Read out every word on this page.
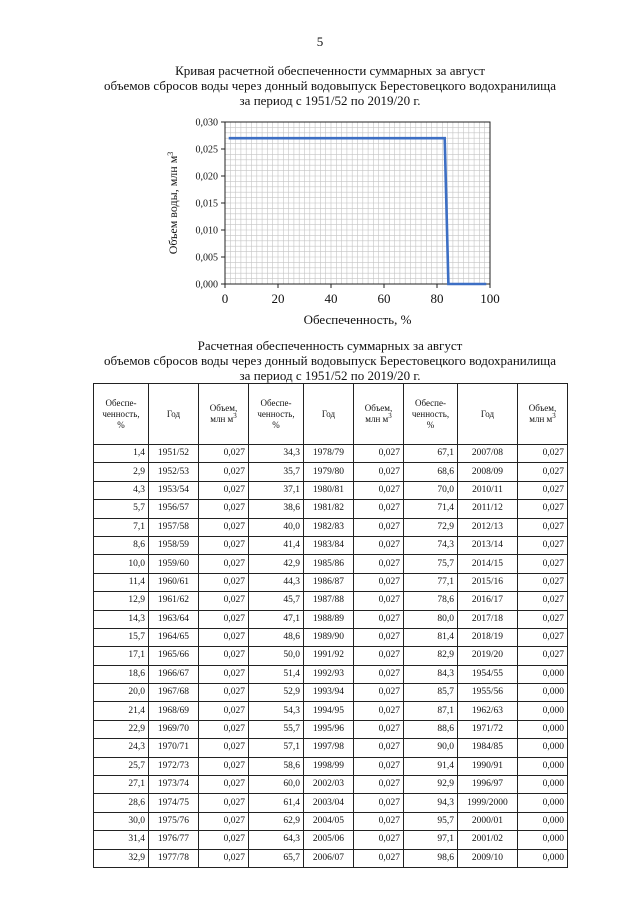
5
Кривая расчетной обеспеченности суммарных за август
объемов сбросов воды через донный водовыпуск Берестовецкого водохранилища
за период с 1951/52 по 2019/20 г.
0	20	40	60	80	100
0,000
0,005
0,010
0,015
0,020
0,025
0,030
Обеспеченность, %
Объем воды, млн $м^3$
Расчетная обеспеченность суммарных за август
объемов сбросов воды через донный водовыпуск Берестовецкого водохранилища
за период с 1951/52 по 2019/20 г.
Обеспе-
ченность,
%	Год	Объем,
млн $м^3$	Обеспе-
ченность,
%	Год	Объем,
млн $м^3$	Обеспе-
ченность,
%	Год	Объем,
млн $м^3$
1,4	1951/52	0,027	34,3	1978/79	0,027	67,1	2007/08	0,027
2,9	1952/53	0,027	35,7	1979/80	0,027	68,6	2008/09	0,027
4,3	1953/54	0,027	37,1	1980/81	0,027	70,0	2010/11	0,027
5,7	1956/57	0,027	38,6	1981/82	0,027	71,4	2011/12	0,027
7,1	1957/58	0,027	40,0	1982/83	0,027	72,9	2012/13	0,027
8,6	1958/59	0,027	41,4	1983/84	0,027	74,3	2013/14	0,027
10,0	1959/60	0,027	42,9	1985/86	0,027	75,7	2014/15	0,027
11,4	1960/61	0,027	44,3	1986/87	0,027	77,1	2015/16	0,027
12,9	1961/62	0,027	45,7	1987/88	0,027	78,6	2016/17	0,027
14,3	1963/64	0,027	47,1	1988/89	0,027	80,0	2017/18	0,027
15,7	1964/65	0,027	48,6	1989/90	0,027	81,4	2018/19	0,027
17,1	1965/66	0,027	50,0	1991/92	0,027	82,9	2019/20	0,027
18,6	1966/67	0,027	51,4	1992/93	0,027	84,3	1954/55	0,000
20,0	1967/68	0,027	52,9	1993/94	0,027	85,7	1955/56	0,000
21,4	1968/69	0,027	54,3	1994/95	0,027	87,1	1962/63	0,000
22,9	1969/70	0,027	55,7	1995/96	0,027	88,6	1971/72	0,000
24,3	1970/71	0,027	57,1	1997/98	0,027	90,0	1984/85	0,000
25,7	1972/73	0,027	58,6	1998/99	0,027	91,4	1990/91	0,000
27,1	1973/74	0,027	60,0	2002/03	0,027	92,9	1996/97	0,000
28,6	1974/75	0,027	61,4	2003/04	0,027	94,3	1999/2000	0,000
30,0	1975/76	0,027	62,9	2004/05	0,027	95,7	2000/01	0,000
31,4	1976/77	0,027	64,3	2005/06	0,027	97,1	2001/02	0,000
32,9	1977/78	0,027	65,7	2006/07	0,027	98,6	2009/10	0,000
